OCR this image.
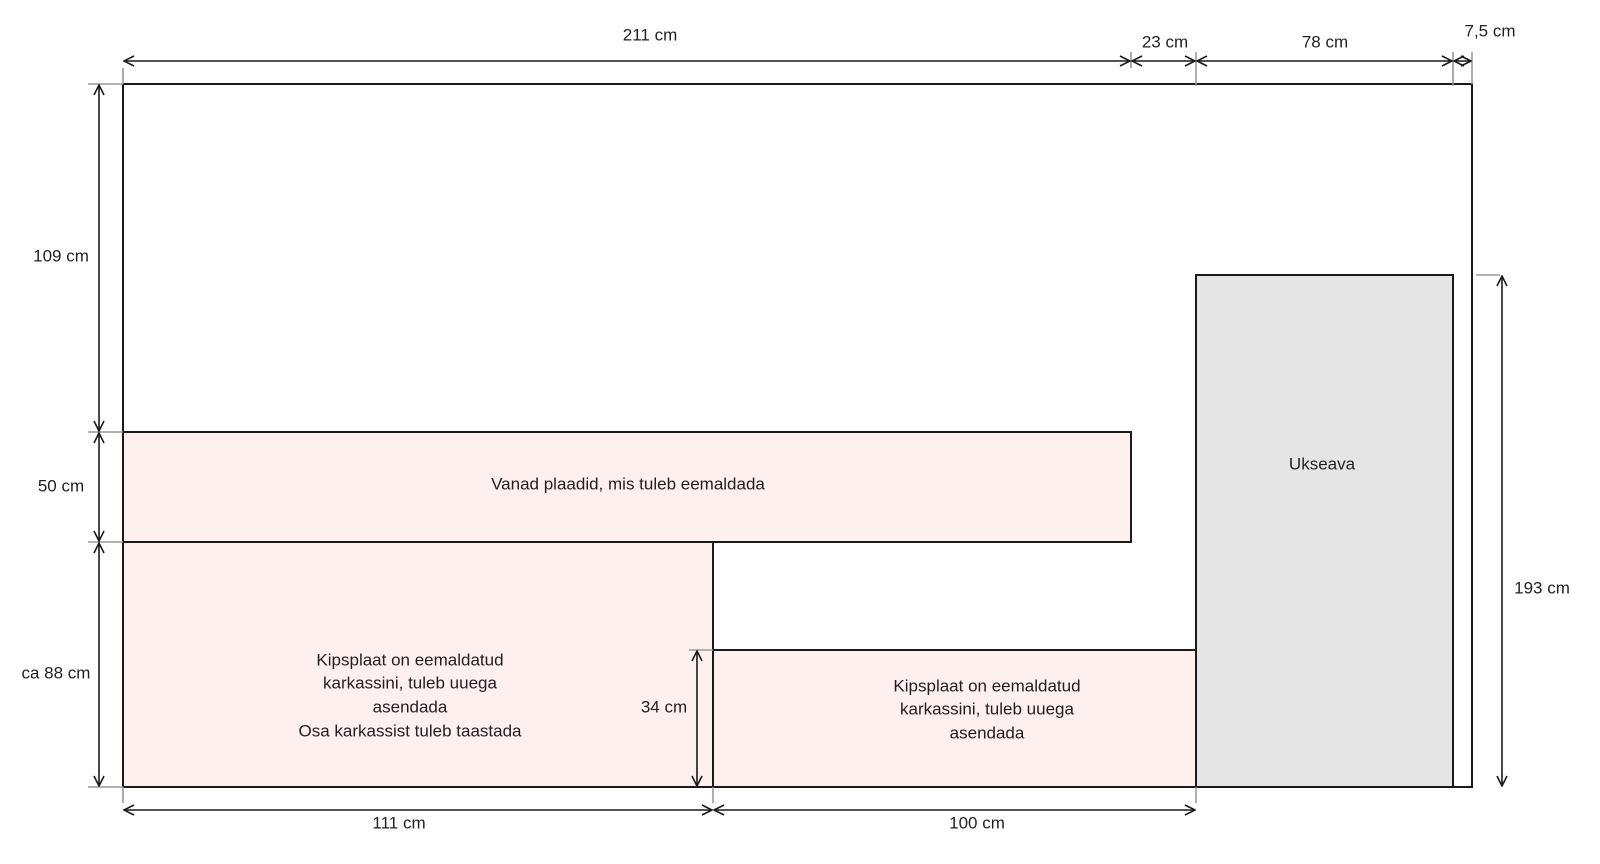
Vanad plaadid, mis tuleb eemaldada
Kipsplaat on eemaldatud
karkassini, tuleb uuega
asendada
Osa karkassist tuleb taastada
Kipsplaat on eemaldatud
karkassini, tuleb uuega
asendada
Ukseava
211 cm	23 cm	78 cm
7,5 cm
109 cm
50 cm
ca 88 cm
34 cm
193 cm
111 cm	100 cm
